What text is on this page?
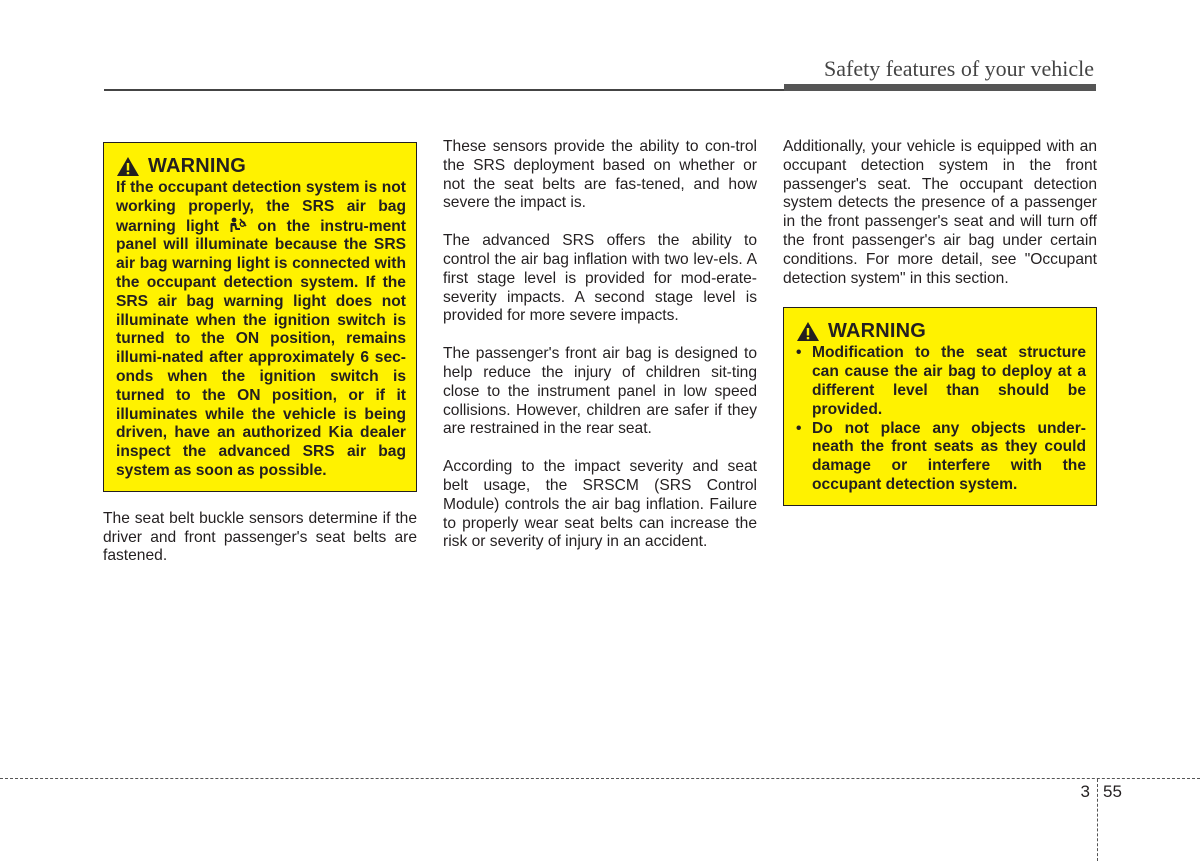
Safety features of your vehicle
WARNING
If the occupant detection system is not working properly, the SRS air bag warning light on the instru-ment panel will illuminate because the SRS air bag warning light is connected with the occupant detection system. If the SRS air bag warning light does not illuminate when the ignition switch is turned to the ON position, remains illumi-nated after approximately 6 sec-onds when the ignition switch is turned to the ON position, or if it illuminates while the vehicle is being driven, have an authorized Kia dealer inspect the advanced SRS air bag system as soon as possible.

The seat belt buckle sensors determine if the driver and front passenger's seat belts are fastened.

These sensors provide the ability to con-trol the SRS deployment based on whether or not the seat belts are fas-tened, and how severe the impact is.

The advanced SRS offers the ability to control the air bag inflation with two lev-els. A first stage level is provided for mod-erate-severity impacts. A second stage level is provided for more severe impacts.

The passenger's front air bag is designed to help reduce the injury of children sit-ting close to the instrument panel in low speed collisions. However, children are safer if they are restrained in the rear seat.

According to the impact severity and seat belt usage, the SRSCM (SRS Control Module) controls the air bag inflation. Failure to properly wear seat belts can increase the risk or severity of injury in an accident.

Additionally, your vehicle is equipped with an occupant detection system in the front passenger's seat. The occupant detection system detects the presence of a passenger in the front passenger's seat and will turn off the front passenger's air bag under certain conditions. For more detail, see "Occupant detection system" in this section.

WARNING
• Modification to the seat structure can cause the air bag to deploy at a different level than should be provided.
• Do not place any objects under-neath the front seats as they could damage or interfere with the occupant detection system.
3 55
